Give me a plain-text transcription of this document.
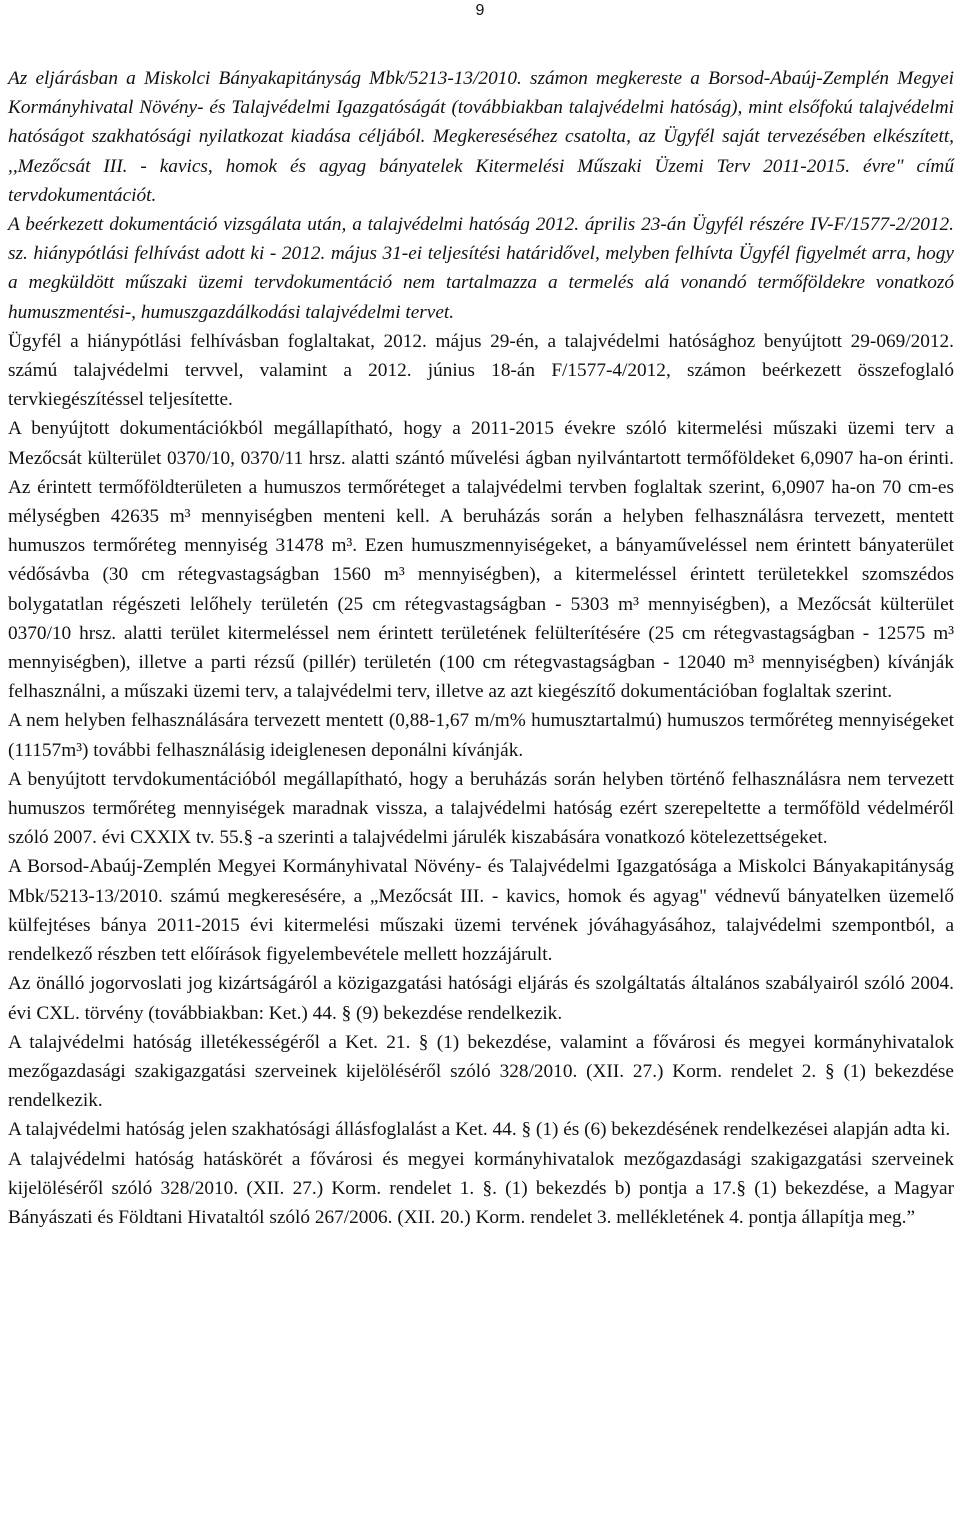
9

Az eljárásban a Miskolci Bányakapitányság Mbk/5213-13/2010. számon megkereste a Borsod-Abaúj-Zemplén Megyei Kormányhivatal Növény- és Talajvédelmi Igazgatóságát (továbbiakban talajvédelmi hatóság), mint elsőfokú talajvédelmi hatóságot szakhatósági nyilatkozat kiadása céljából. Megkereséséhez csatolta, az Ügyfél saját tervezésében elkészített, ,,Mezőcsát III. - kavics, homok és agyag bányatelek Kitermelési Műszaki Üzemi Terv 2011-2015. évre" című tervdokumentációt.

A beérkezett dokumentáció vizsgálata után, a talajvédelmi hatóság 2012. április 23-án Ügyfél részére IV-F/1577-2/2012. sz. hiánypótlási felhívást adott ki - 2012. május 31-ei teljesítési határidővel, melyben felhívta Ügyfél figyelmét arra, hogy a megküldött műszaki üzemi tervdokumentáció nem tartalmazza a termelés alá vonandó termőföldekre vonatkozó humuszmentési-, humuszgazdálkodási talajvédelmi tervet.

Ügyfél a hiánypótlási felhívásban foglaltakat, 2012. május 29-én, a talajvédelmi hatósághoz benyújtott 29-069/2012. számú talajvédelmi tervvel, valamint a 2012. június 18-án F/1577-4/2012, számon beérkezett összefoglaló tervkiegészítéssel teljesítette.

A benyújtott dokumentációkból megállapítható, hogy a 2011-2015 évekre szóló kitermelési műszaki üzemi terv a Mezőcsát külterület 0370/10, 0370/11 hrsz. alatti szántó művelési ágban nyilvántartott termőföldeket 6,0907 ha-on érinti. Az érintett termőföldterületen a humuszos termőréteget a talajvédelmi tervben foglaltak szerint, 6,0907 ha-on 70 cm-es mélységben 42635 m³ mennyiségben menteni kell. A beruházás során a helyben felhasználásra tervezett, mentett humuszos termőréteg mennyiség 31478 m³. Ezen humuszmennyiségeket, a bányaműveléssel nem érintett bányaterület védősávba (30 cm rétegvastagságban 1560 m³ mennyiségben), a kitermeléssel érintett területekkel szomszédos bolygatatlan régészeti lelőhely területén (25 cm rétegvastagságban - 5303 m³ mennyiségben), a Mezőcsát külterület 0370/10 hrsz. alatti terület kitermeléssel nem érintett területének felülterítésére (25 cm rétegvastagságban - 12575 m³ mennyiségben), illetve a parti rézsű (pillér) területén (100 cm rétegvastagságban - 12040 m³ mennyiségben) kívánják felhasználni, a műszaki üzemi terv, a talajvédelmi terv, illetve az azt kiegészítő dokumentációban foglaltak szerint.

A nem helyben felhasználására tervezett mentett (0,88-1,67 m/m% humusztartalmú) humuszos termőréteg mennyiségeket (11157m³) további felhasználásig ideiglenesen deponálni kívánják.

A benyújtott tervdokumentációból megállapítható, hogy a beruházás során helyben történő felhasználásra nem tervezett humuszos termőréteg mennyiségek maradnak vissza, a talajvédelmi hatóság ezért szerepeltette a termőföld védelméről szóló 2007. évi CXXIX tv. 55.§ -a szerinti a talajvédelmi járulék kiszabására vonatkozó kötelezettségeket.

A Borsod-Abaúj-Zemplén Megyei Kormányhivatal Növény- és Talajvédelmi Igazgatósága a Miskolci Bányakapitányság Mbk/5213-13/2010. számú megkeresésére, a „Mezőcsát III. - kavics, homok és agyag" védnevű bányatelken üzemelő külfejtéses bánya 2011-2015 évi kitermelési műszaki üzemi tervének jóváhagyásához, talajvédelmi szempontból, a rendelkező részben tett előírások figyelembevétele mellett hozzájárult.

Az önálló jogorvoslati jog kizártságáról a közigazgatási hatósági eljárás és szolgáltatás általános szabályairól szóló 2004. évi CXL. törvény (továbbiakban: Ket.) 44. § (9) bekezdése rendelkezik.

A talajvédelmi hatóság illetékességéről a Ket. 21. § (1) bekezdése, valamint a fővárosi és megyei kormányhivatalok mezőgazdasági szakigazgatási szerveinek kijelöléséről szóló 328/2010. (XII. 27.) Korm. rendelet 2. § (1) bekezdése rendelkezik.

A talajvédelmi hatóság jelen szakhatósági állásfoglalást a Ket. 44. § (1) és (6) bekezdésének rendelkezései alapján adta ki.

A talajvédelmi hatóság hatáskörét a fővárosi és megyei kormányhivatalok mezőgazdasági szakigazgatási szerveinek kijelöléséről szóló 328/2010. (XII. 27.) Korm. rendelet 1. §. (1) bekezdés b) pontja a 17.§ (1) bekezdése, a Magyar Bányászati és Földtani Hivataltól szóló 267/2006. (XII. 20.) Korm. rendelet 3. mellékletének 4. pontja állapítja meg.”
